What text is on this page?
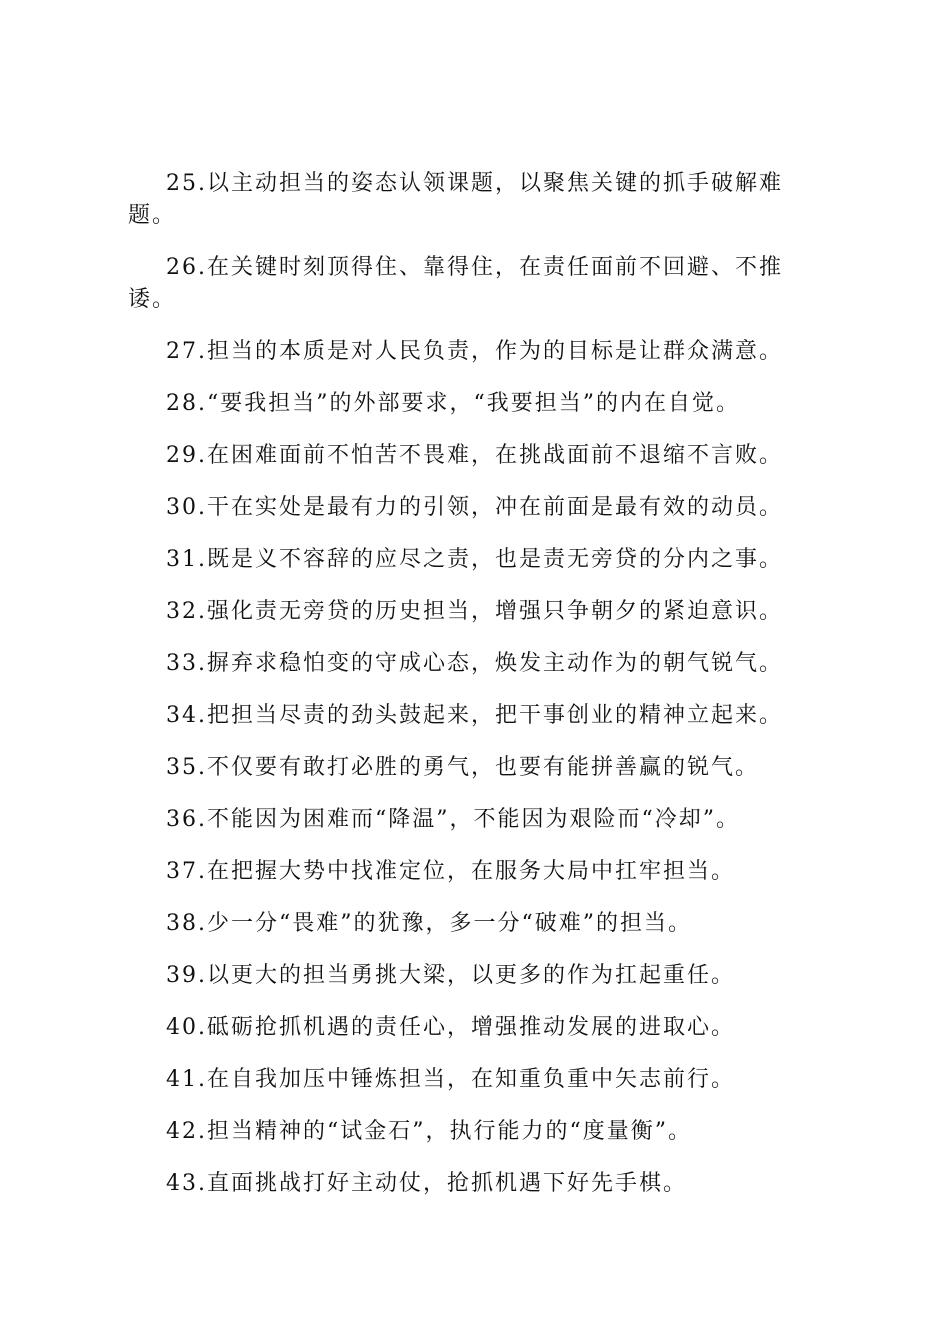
25.以主动担当的姿态认领课题，以聚焦关键的抓手破解难题。

26.在关键时刻顶得住、靠得住，在责任面前不回避、不推诿。

27.担当的本质是对人民负责，作为的目标是让群众满意。

28.“要我担当”的外部要求，“我要担当”的内在自觉。

29.在困难面前不怕苦不畏难，在挑战面前不退缩不言败。

30.干在实处是最有力的引领，冲在前面是最有效的动员。

31.既是义不容辞的应尽之责，也是责无旁贷的分内之事。

32.强化责无旁贷的历史担当，增强只争朝夕的紧迫意识。

33.摒弃求稳怕变的守成心态，焕发主动作为的朝气锐气。

34.把担当尽责的劲头鼓起来，把干事创业的精神立起来。

35.不仅要有敢打必胜的勇气，也要有能拼善赢的锐气。

36.不能因为困难而“降温”，不能因为艰险而“冷却”。

37.在把握大势中找准定位，在服务大局中扛牢担当。

38.少一分“畏难”的犹豫，多一分“破难”的担当。

39.以更大的担当勇挑大梁，以更多的作为扛起重任。

40.砥砺抢抓机遇的责任心，增强推动发展的进取心。

41.在自我加压中锤炼担当，在知重负重中矢志前行。

42.担当精神的“试金石”，执行能力的“度量衡”。

43.直面挑战打好主动仗，抢抓机遇下好先手棋。
